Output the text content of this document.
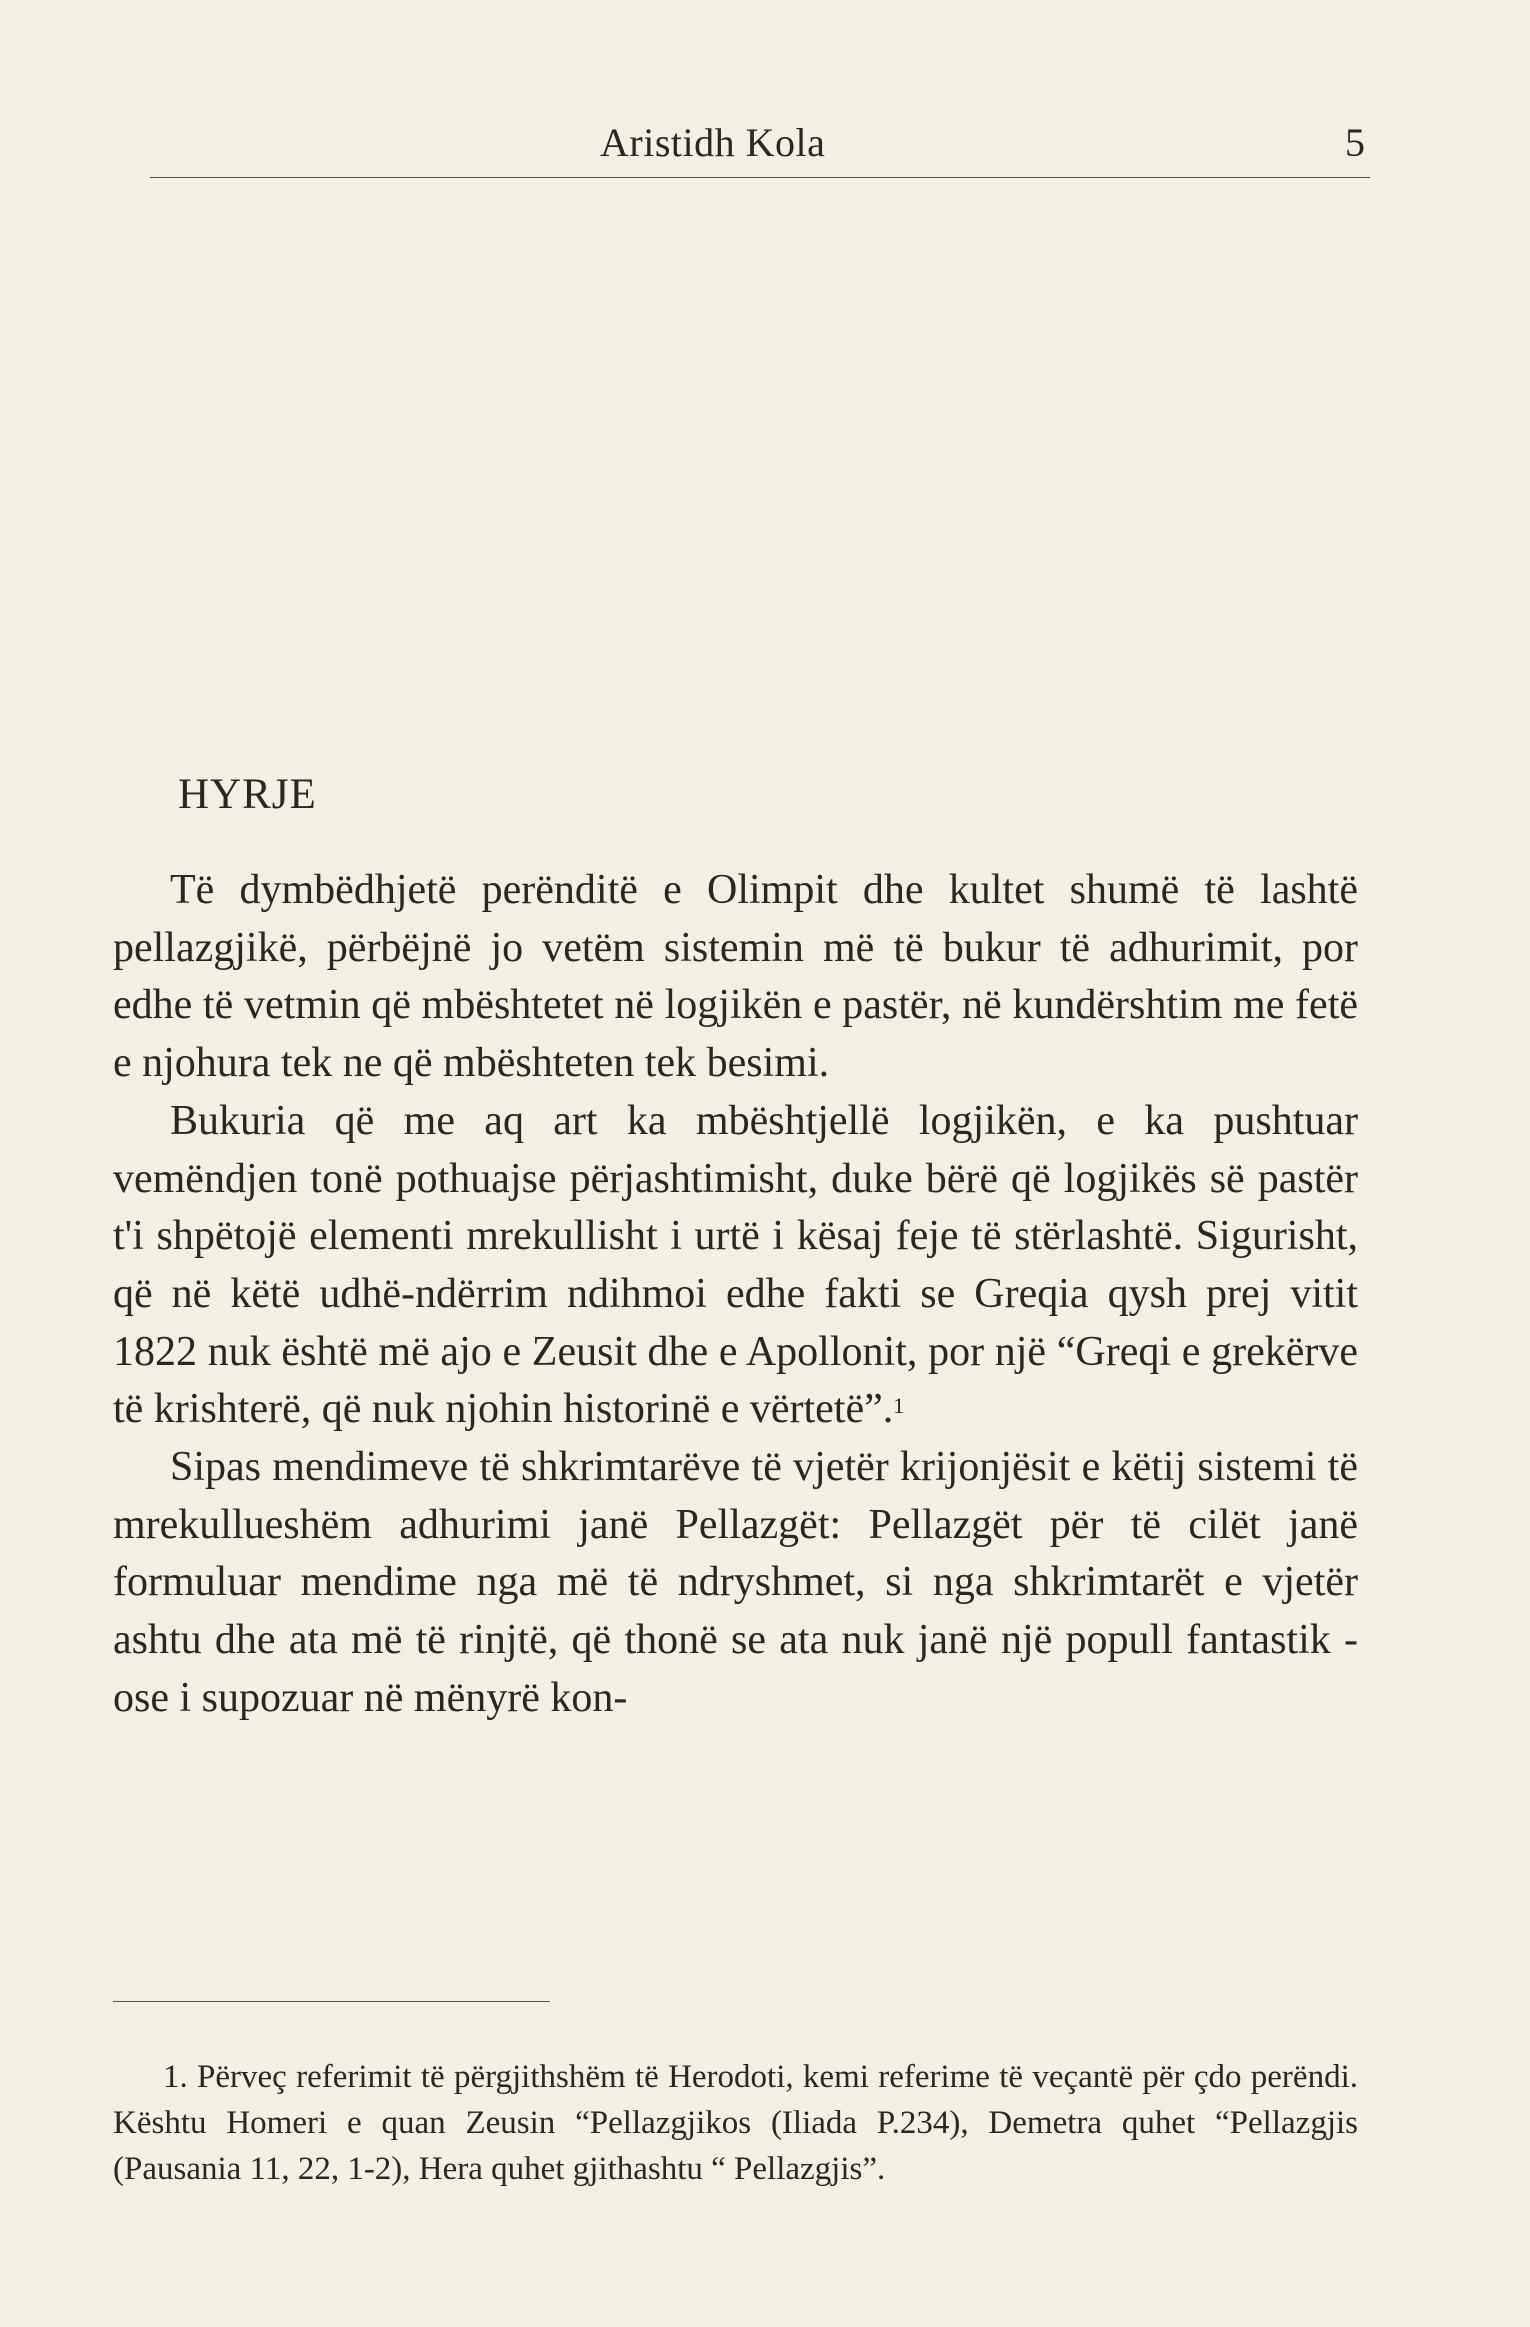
Aristidh Kola	5
HYRJE

Të dymbëdhjetë perënditë e Olimpit dhe kultet shumë të lashtë pellazgjikë, përbëjnë jo vetëm sistemin më të bukur të adhurimit, por edhe të vetmin që mbështetet në logjikën e pastër, në kundërshtim me fetë e njohura tek ne që mbështeten tek besimi.

Bukuria që me aq art ka mbështjellë logjikën, e ka pushtuar vemëndjen tonë pothuajse përjashtimisht, duke bërë që logjikës së pastër t'i shpëtojë elementi mrekullisht i urtë i kësaj feje të stërlashtë. Sigurisht, që në këtë udhë-ndërrim ndihmoi edhe fakti se Greqia qysh prej vitit 1822 nuk është më ajo e Zeusit dhe e Apollonit, por një “Greqi e grekërve të krishterë, që nuk njohin historinë e vërtetë”.$^1$

Sipas mendimeve të shkrimtarëve të vjetër krijonjësit e këtij sistemi të mrekullueshëm adhurimi janë Pellazgët: Pellazgët për të cilët janë formuluar mendime nga më të ndryshmet, si nga shkrimtarët e vjetër ashtu dhe ata më të rinjtë, që thonë se ata nuk janë një popull fantastik - ose i supozuar në mënyrë kon-

1. Përveç referimit të përgjithshëm të Herodoti, kemi referime të veçantë për çdo perëndi. Kështu Homeri e quan Zeusin “Pellazgjikos (Iliada P.234), Demetra quhet “Pellazgjis (Pausania 11, 22, 1-2), Hera quhet gjithashtu “ Pellazgjis”.
